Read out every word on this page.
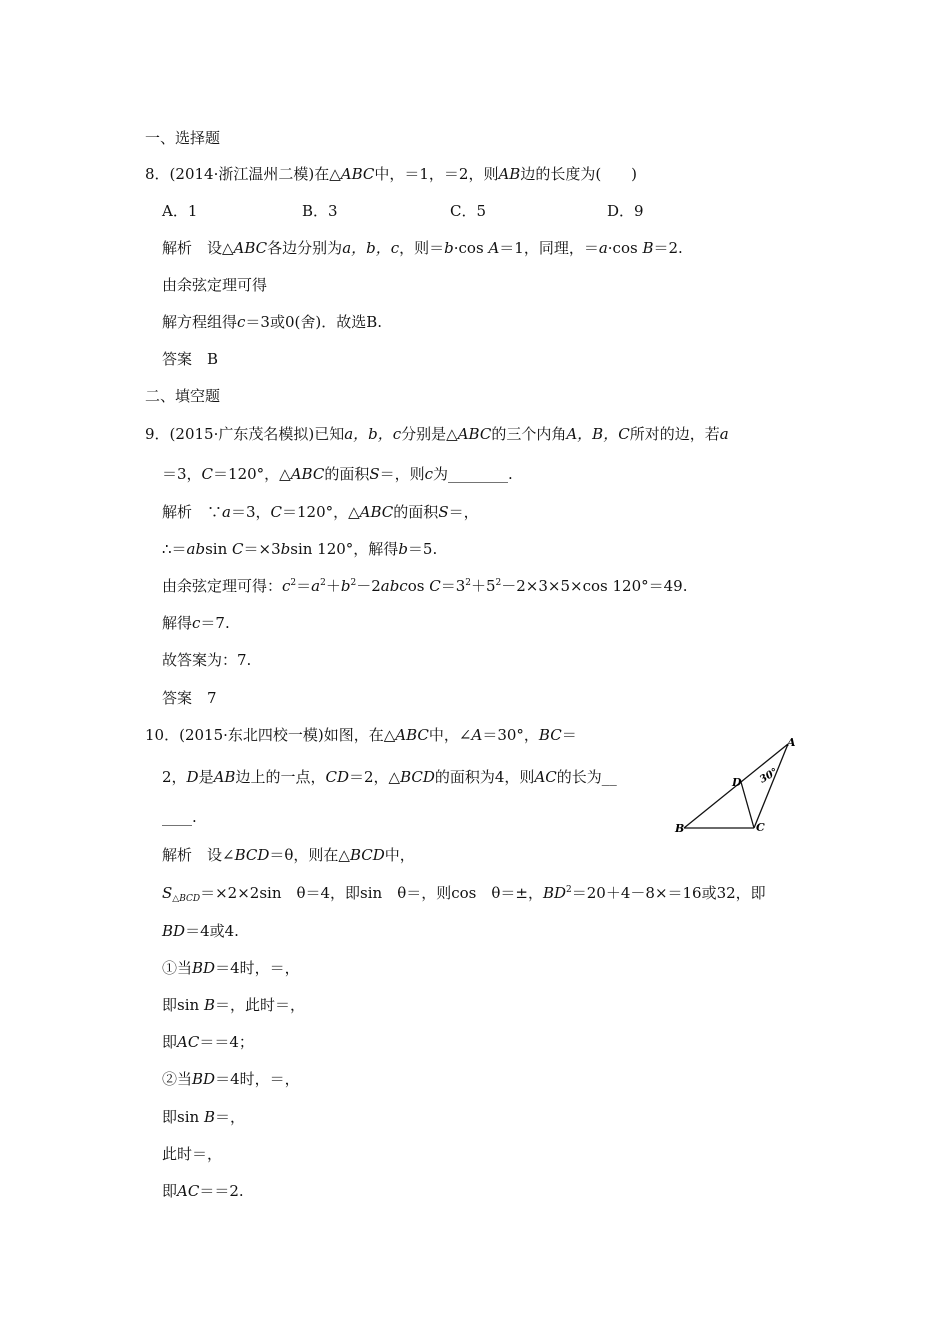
一、选择题
8．(2014·浙江温州二模)在△ABC中，＝1，＝2，则AB边的长度为(　　)
A．1	B．3	C．5	D．9
解析　设△ABC各边分别为a，b，c，则＝b·cos A＝1，同理，＝a·cos B＝2.
由余弦定理可得
解方程组得c＝3或0(舍)．故选B.
答案　B
二、填空题
9．(2015·广东茂名模拟)已知a，b，c分别是△ABC的三个内角A，B，C所对的边，若a
＝3，C＝120°，△ABC的面积S＝，则c为________.
解析　∵a＝3，C＝120°，△ABC的面积S＝，
∴＝absin C＝×3bsin 120°，解得b＝5.
由余弦定理可得：$c^2=a^2+b^2-2abcos$ $C=3^2+5^2-2\times 3\times 5\times\cos$ 120°＝49.
解得c＝7.
故答案为：7.
答案　7
10．(2015·东北四校一模)如图，在△ABC中，∠A＝30°，BC＝
2，D是AB边上的一点，CD＝2，△BCD的面积为4，则AC的长为__
____.
A
B	C
D 30°
解析　设∠BCD＝θ，则在△BCD中，
$S_{\triangle BCD}=\times 2\times 2\sin$　θ＝4，即sin　θ＝，则cos　θ＝±，$BD^2=20+4-8\times=16$或32，即
BD＝4或4.
①当BD＝4时，＝，
即sin B＝，此时＝，
即AC＝＝4；
②当BD＝4时，＝，
即sin B＝，
此时＝，
即AC＝＝2.
